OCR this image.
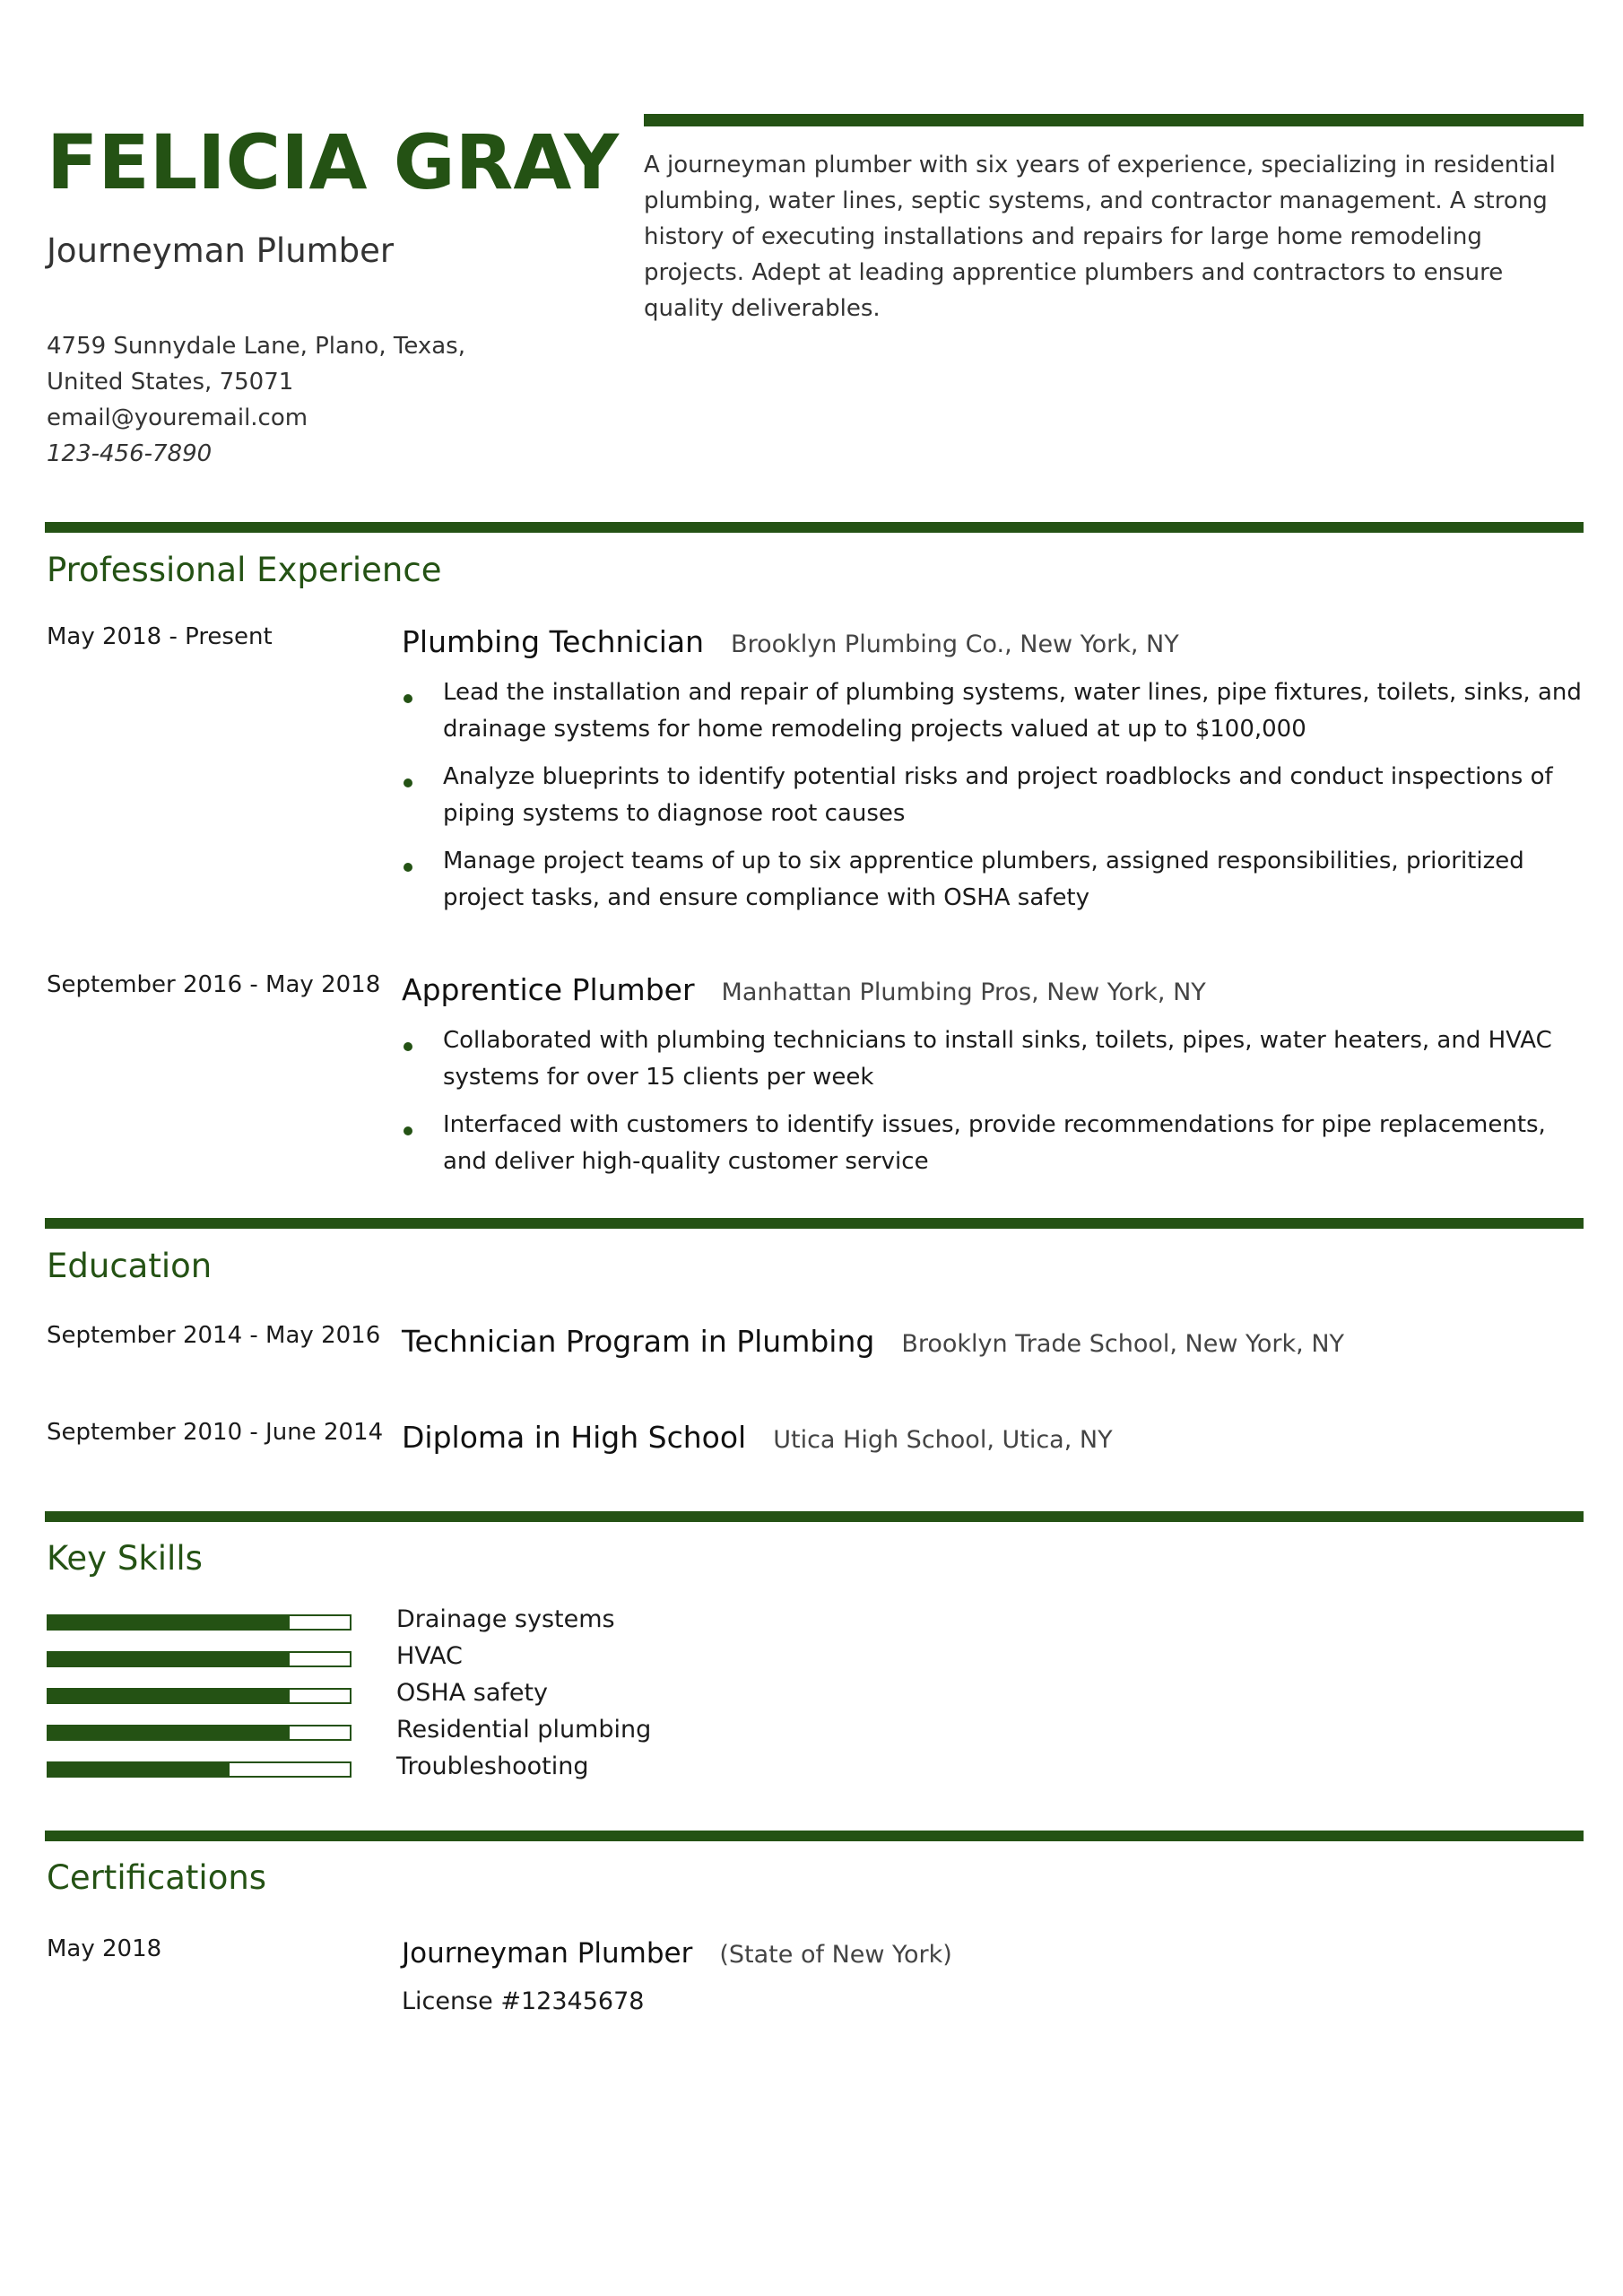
FELICIA GRAY
Journeyman Plumber
4759 Sunnydale Lane, Plano, Texas, United States, 75071
email@youremail.com
123-456-7890
A journeyman plumber with six years of experience, specializing in residential plumbing, water lines, septic systems, and contractor management. A strong history of executing installations and repairs for large home remodeling projects. Adept at leading apprentice plumbers and contractors to ensure quality deliverables.
Professional Experience
May 2018 - Present	Plumbing Technician Brooklyn Plumbing Co., New York, NY
Lead the installation and repair of plumbing systems, water lines, pipe fixtures, toilets, sinks, and drainage systems for home remodeling projects valued at up to $100,000
Analyze blueprints to identify potential risks and project roadblocks and conduct inspections of piping systems to diagnose root causes
Manage project teams of up to six apprentice plumbers, assigned responsibilities, prioritized project tasks, and ensure compliance with OSHA safety
September 2016 - May 2018 Apprentice Plumber Manhattan Plumbing Pros, New York, NY
Collaborated with plumbing technicians to install sinks, toilets, pipes, water heaters, and HVAC systems for over 15 clients per week
Interfaced with customers to identify issues, provide recommendations for pipe replacements, and deliver high-quality customer service
Education
September 2014 - May 2016 Technician Program in Plumbing Brooklyn Trade School, New York, NY
September 2010 - June 2014 Diploma in High School Utica High School, Utica, NY
Key Skills
Drainage systems
HVAC
OSHA safety
Residential plumbing
Troubleshooting
Certifications
May 2018	Journeyman Plumber (State of New York)
License #12345678
